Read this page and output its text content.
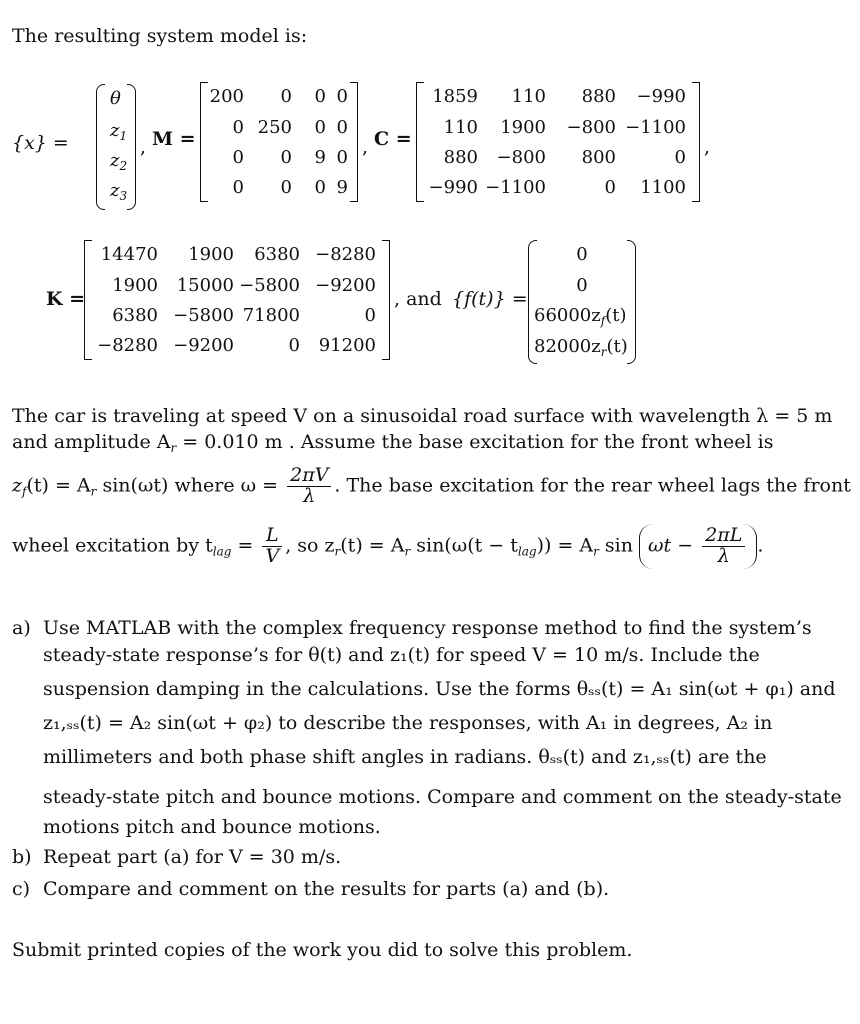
The resulting system model is:
{x} =
θ
$z_1$
$z_2$
$z_3$
, M =
200 0 0 0
0 250 0 0
0 0 9 0
0 0 0 9
, C =
1859 110 880 −990
110 1900 −800 −1100
880 −800 800	0
−990 −1100	0 1100
,
K =
14470 1900 6380 −8280
1900 15000 −5800 −9200
6380 −5800 71800	0
−8280 −9200	0 91200
, and {f(t)} =
0
0
$66000z_f(t)$
$82000z_r(t)$
The car is traveling at speed V on a sinusoidal road surface with wavelength λ = 5 m
and amplitude $A_r = 0.010$ m . Assume the base excitation for the front wheel is
$z_f(t) = A_r$ sin(ωt) where $\omega = \frac{2\pi V}{\lambda}$ . The base excitation for the rear wheel lags the front
wheel excitation by $t_{lag} = \frac{L}{V}$ , so $z_r(t) = A_r$ $\sin(\omega(t - t_{lag})) = A_r$ $\sin \omega t - \frac{2\pi L}{\lambda}$ .
a) Use MATLAB with the complex frequency response method to find the system’s
steady-state response’s for θ(t) and z₁(t) for speed V = 10 m/s. Include the
suspension damping in the calculations. Use the forms θₛₛ(t) = A₁ sin(ωt + φ₁) and
z₁,ₛₛ(t) = A₂ sin(ωt + φ₂) to describe the responses, with A₁ in degrees, A₂ in
millimeters and both phase shift angles in radians. θₛₛ(t) and z₁,ₛₛ(t) are the
steady-state pitch and bounce motions. Compare and comment on the steady-state
motions pitch and bounce motions.
b) Repeat part (a) for V = 30 m/s.
c) Compare and comment on the results for parts (a) and (b).
Submit printed copies of the work you did to solve this problem.
